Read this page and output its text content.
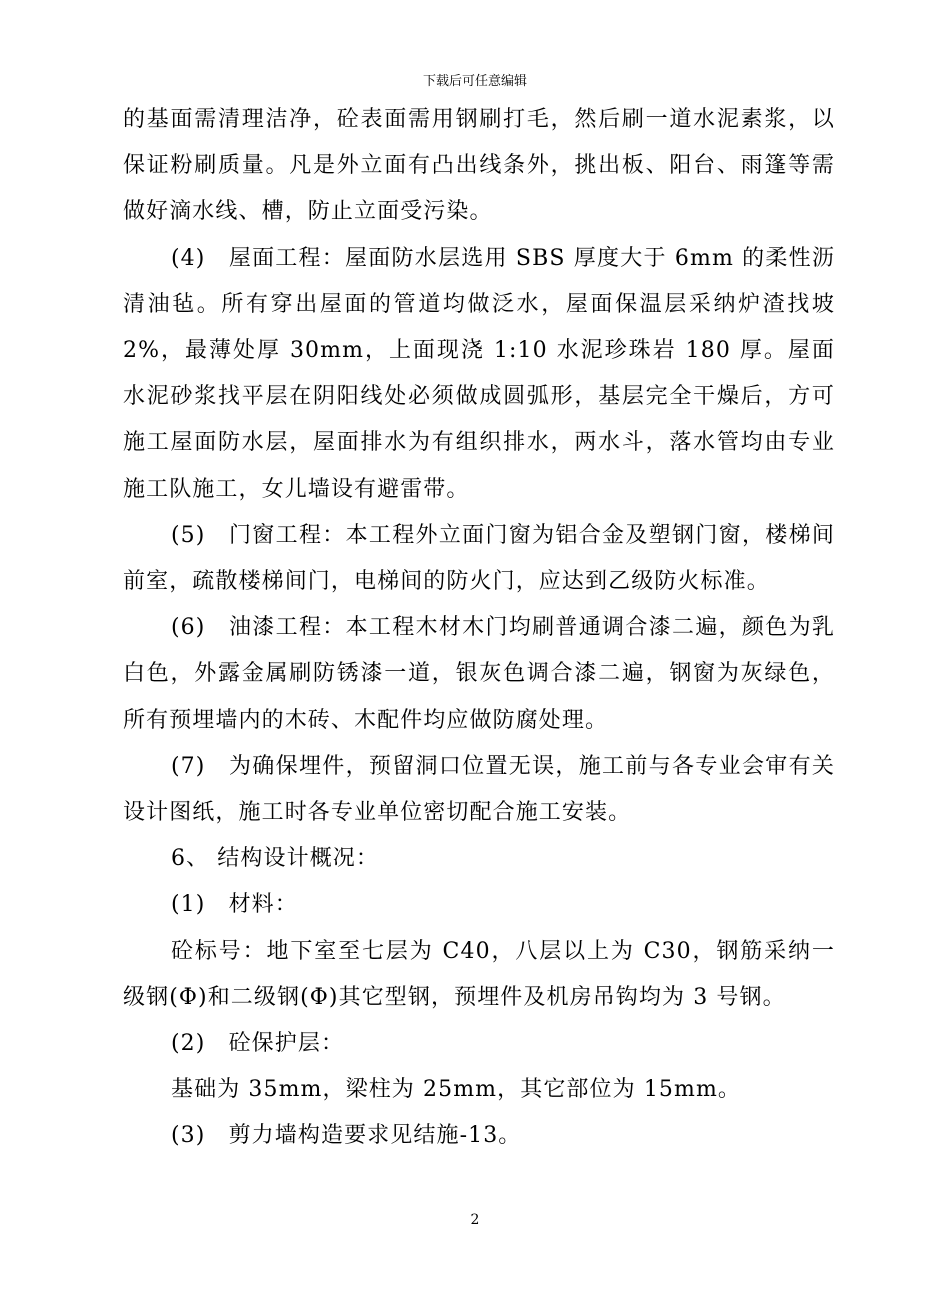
下载后可任意编辑

的基面需清理洁净，砼表面需用钢刷打毛，然后刷一道水泥素浆，以保证粉刷质量。凡是外立面有凸出线条外，挑出板、阳台、雨篷等需做好滴水线、槽，防止立面受污染。

(4)　屋面工程：屋面防水层选用 SBS 厚度大于 6mm 的柔性沥清油毡。所有穿出屋面的管道均做泛水，屋面保温层采纳炉渣找坡 2%，最薄处厚 30mm，上面现浇 1:10 水泥珍珠岩 180 厚。屋面水泥砂浆找平层在阴阳线处必须做成圆弧形，基层完全干燥后，方可施工屋面防水层，屋面排水为有组织排水，两水斗，落水管均由专业施工队施工，女儿墙设有避雷带。

(5)　门窗工程：本工程外立面门窗为铝合金及塑钢门窗，楼梯间前室，疏散楼梯间门，电梯间的防火门，应达到乙级防火标准。

(6)　油漆工程：本工程木材木门均刷普通调合漆二遍，颜色为乳白色，外露金属刷防锈漆一道，银灰色调合漆二遍，钢窗为灰绿色，所有预埋墙内的木砖、木配件均应做防腐处理。

(7)　为确保埋件，预留洞口位置无误，施工前与各专业会审有关设计图纸，施工时各专业单位密切配合施工安装。

6、 结构设计概况：

(1)　材料：

砼标号：地下室至七层为 C40，八层以上为 C30，钢筋采纳一级钢(Φ)和二级钢(Φ)其它型钢，预埋件及机房吊钩均为 3 号钢。

(2)　砼保护层：

基础为 35mm，梁柱为 25mm，其它部位为 15mm。

(3)　剪力墙构造要求见结施-13。

2
